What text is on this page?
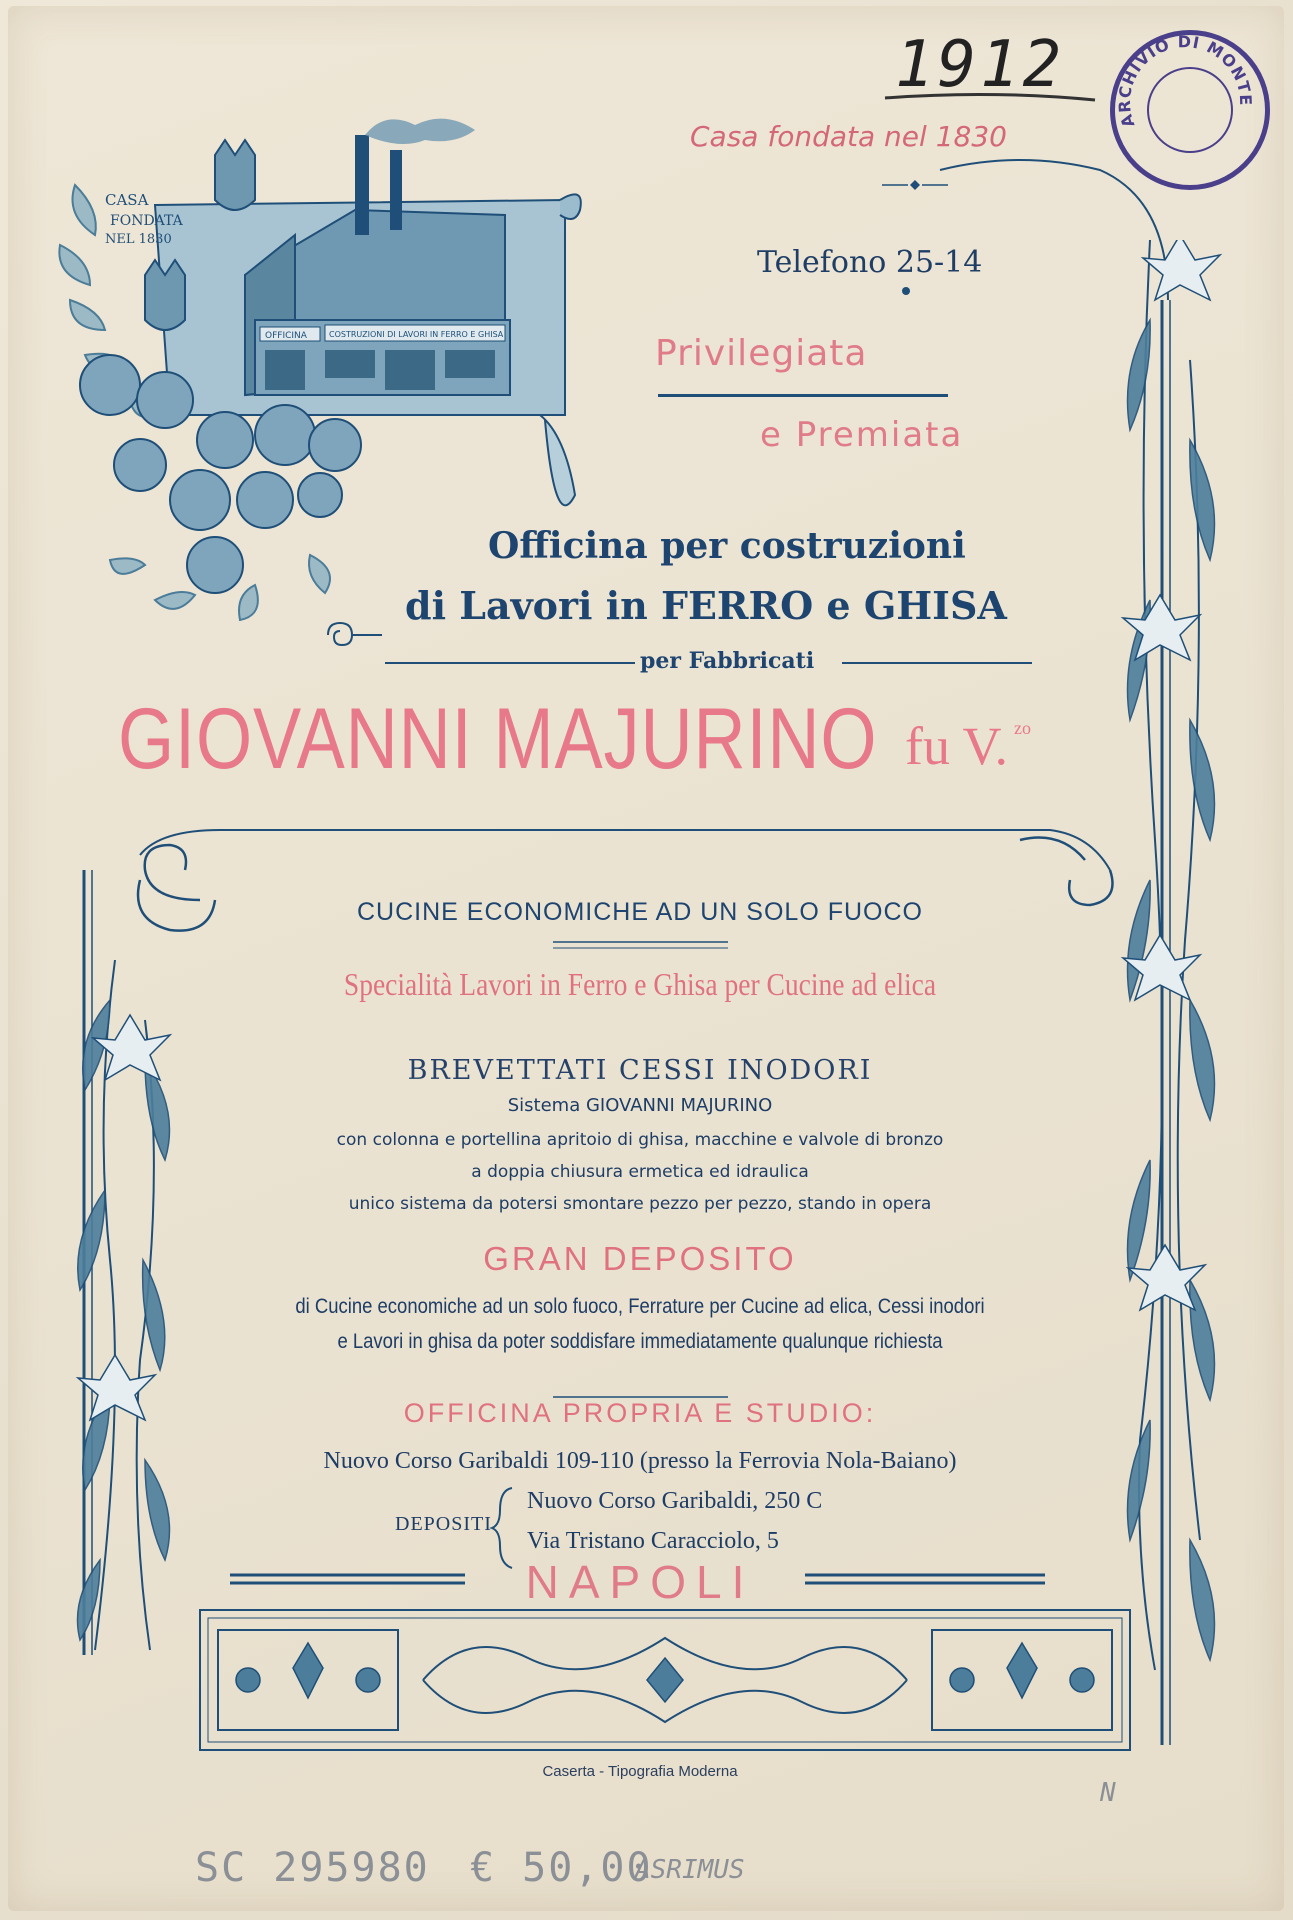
1912
ARCHIVIO DI MONTE
Casa fondata nel 1830
OFFICINA	COSTRUZIONI DI LAVORI IN FERRO E GHISA
CASA
FONDATA
NEL 1830
Telefono 25-14
Privilegiata
e Premiata
Officina per costruzioni
di Lavori in FERRO e GHISA
per Fabbricati
GIOVANNI MAJURINO fu V. zo
CUCINE ECONOMICHE AD UN SOLO FUOCO
Specialità Lavori in Ferro e Ghisa per Cucine ad elica
BREVETTATI CESSI INODORI
Sistema GIOVANNI MAJURINO
con colonna e portellina apritoio di ghisa, macchine e valvole di bronzo
a doppia chiusura ermetica ed idraulica
unico sistema da potersi smontare pezzo per pezzo, stando in opera
GRAN DEPOSITO
di Cucine economiche ad un solo fuoco, Ferrature per Cucine ad elica, Cessi inodori
e Lavori in ghisa da poter soddisfare immediatamente qualunque richiesta
OFFICINA PROPRIA E STUDIO:
Nuovo Corso Garibaldi 109-110 (presso la Ferrovia Nola-Baiano)
DEPOSITI
Nuovo Corso Garibaldi, 250 C
Via Tristano Caracciolo, 5
NAPOLI
Caserta - Tipografia Moderna
N
SC 295980 € 50,00
ASRIMUS
